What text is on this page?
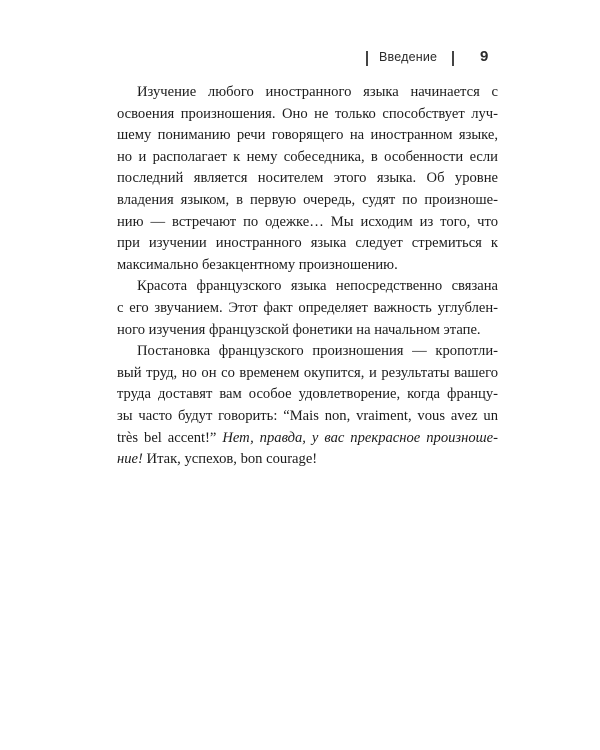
Введение	9
Изучение любого иностранного языка начинается с
освоения произношения. Оно не только способствует луч-
шему пониманию речи говорящего на иностранном языке,
но и располагает к нему собеседника, в особенности если
последний является носителем этого языка. Об уровне
владения языком, в первую очередь, судят по произноше-
нию — встречают по одежке… Мы исходим из того, что
при изучении иностранного языка следует стремиться к
максимально безакцентному произношению.
Красота французского языка непосредственно связана
с его звучанием. Этот факт определяет важность углублен-
ного изучения французской фонетики на начальном этапе.
Постановка французского произношения — кропотли-
вый труд, но он со временем окупится, и результаты вашего
труда доставят вам особое удовлетворение, когда францу-
зы часто будут говорить: “Mais non, vraiment, vous avez un
très bel accent!” Нет, правда, у вас прекрасное произноше-
ние! Итак, успехов, bon courage!
